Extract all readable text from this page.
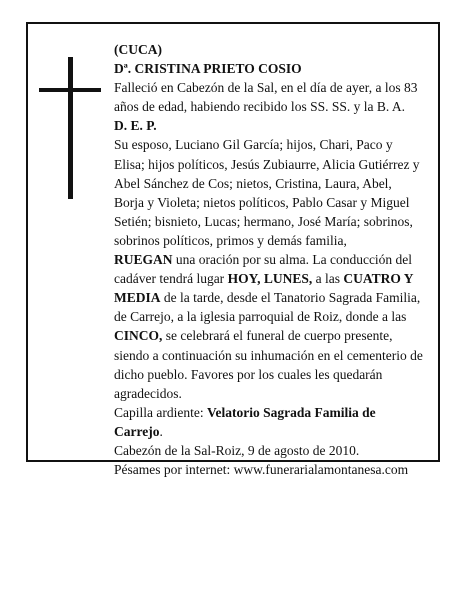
(CUCA)

Dª. CRISTINA PRIETO COSIO

Falleció en Cabezón de la Sal, en el día de ayer, a los 83 años de edad, habiendo recibido los SS. SS. y la B. A.

D. E. P.

Su esposo, Luciano Gil García; hijos, Chari, Paco y Elisa; hijos políticos, Jesús Zubiaurre, Alicia Gutiérrez y Abel Sánchez de Cos; nietos, Cristina, Laura, Abel, Borja y Violeta; nietos políticos, Pablo Casar y Miguel Setién; bisnieto, Lucas; hermano, José María; sobrinos, sobrinos políticos, primos y demás familia,

RUEGAN una oración por su alma. La conducción del cadáver tendrá lugar HOY, LUNES, a las CUATRO Y MEDIA de la tarde, desde el Tanatorio Sagrada Familia, de Carrejo, a la iglesia parroquial de Roiz, donde a las CINCO, se celebrará el funeral de cuerpo presente, siendo a continuación su inhumación en el cementerio de dicho pueblo. Favores por los cuales les quedarán agradecidos.

Capilla ardiente: Velatorio Sagrada Familia de Carrejo.

Cabezón de la Sal-Roiz, 9 de agosto de 2010.

Pésames por internet: www.funerarialamontanesa.com
